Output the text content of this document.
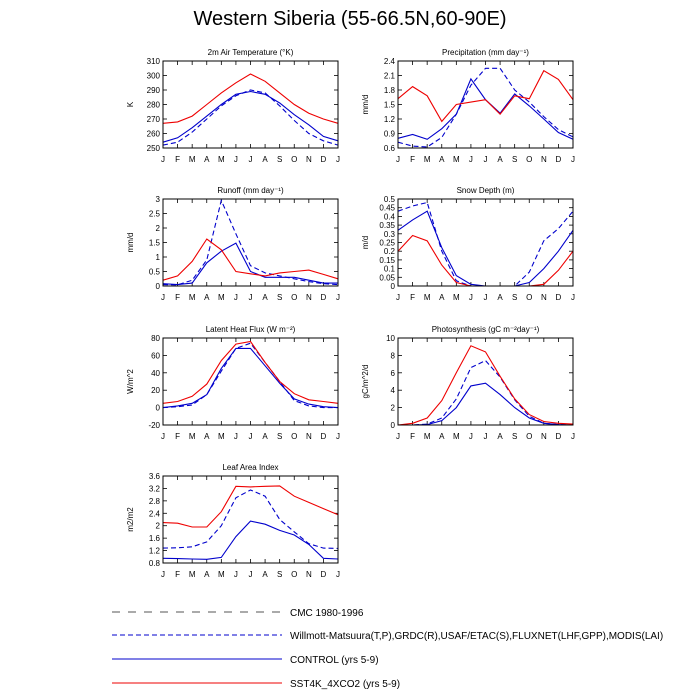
Western Siberia (55-66.5N,60-90E)
2m Air Temperature (°K)
K
250
260
270
280
290
300
310
J F M A M J J A S O N D J
Precipitation (mm day⁻¹)
mm/d
0.6
0.9
1.2
1.5
1.8
2.1
2.4
J F M A M J J A S O N D J
Runoff (mm day⁻¹)
mm/d
0
0.5
1
1.5
2
2.5
3
J F M A M J J A S O N D J
Snow Depth (m)
m/d
0
0.05
0.1
0.15
0.2
0.25
0.3
0.35
0.4
0.45
0.5
J F M A M J J A S O N D J
Latent Heat Flux (W m⁻²)
W/m^2
-20
0
20
40
60
80
J F M A M J J A S O N D J
Photosynthesis (gC m⁻²day⁻¹)
gC/m^2/d
0
2
4
6
8
10
J F M A M J J A S O N D J
Leaf Area Index
m2/m2
0.8
1.2
1.6
2
2.4
2.8
3.2
3.6
J F M A M J J A S O N D J
CMC 1980-1996
Willmott-Matsuura(T,P),GRDC(R),USAF/ETAC(S),FLUXNET(LHF,GPP),MODIS(LAI)
CONTROL (yrs 5-9)
SST4K_4XCO2 (yrs 5-9)
